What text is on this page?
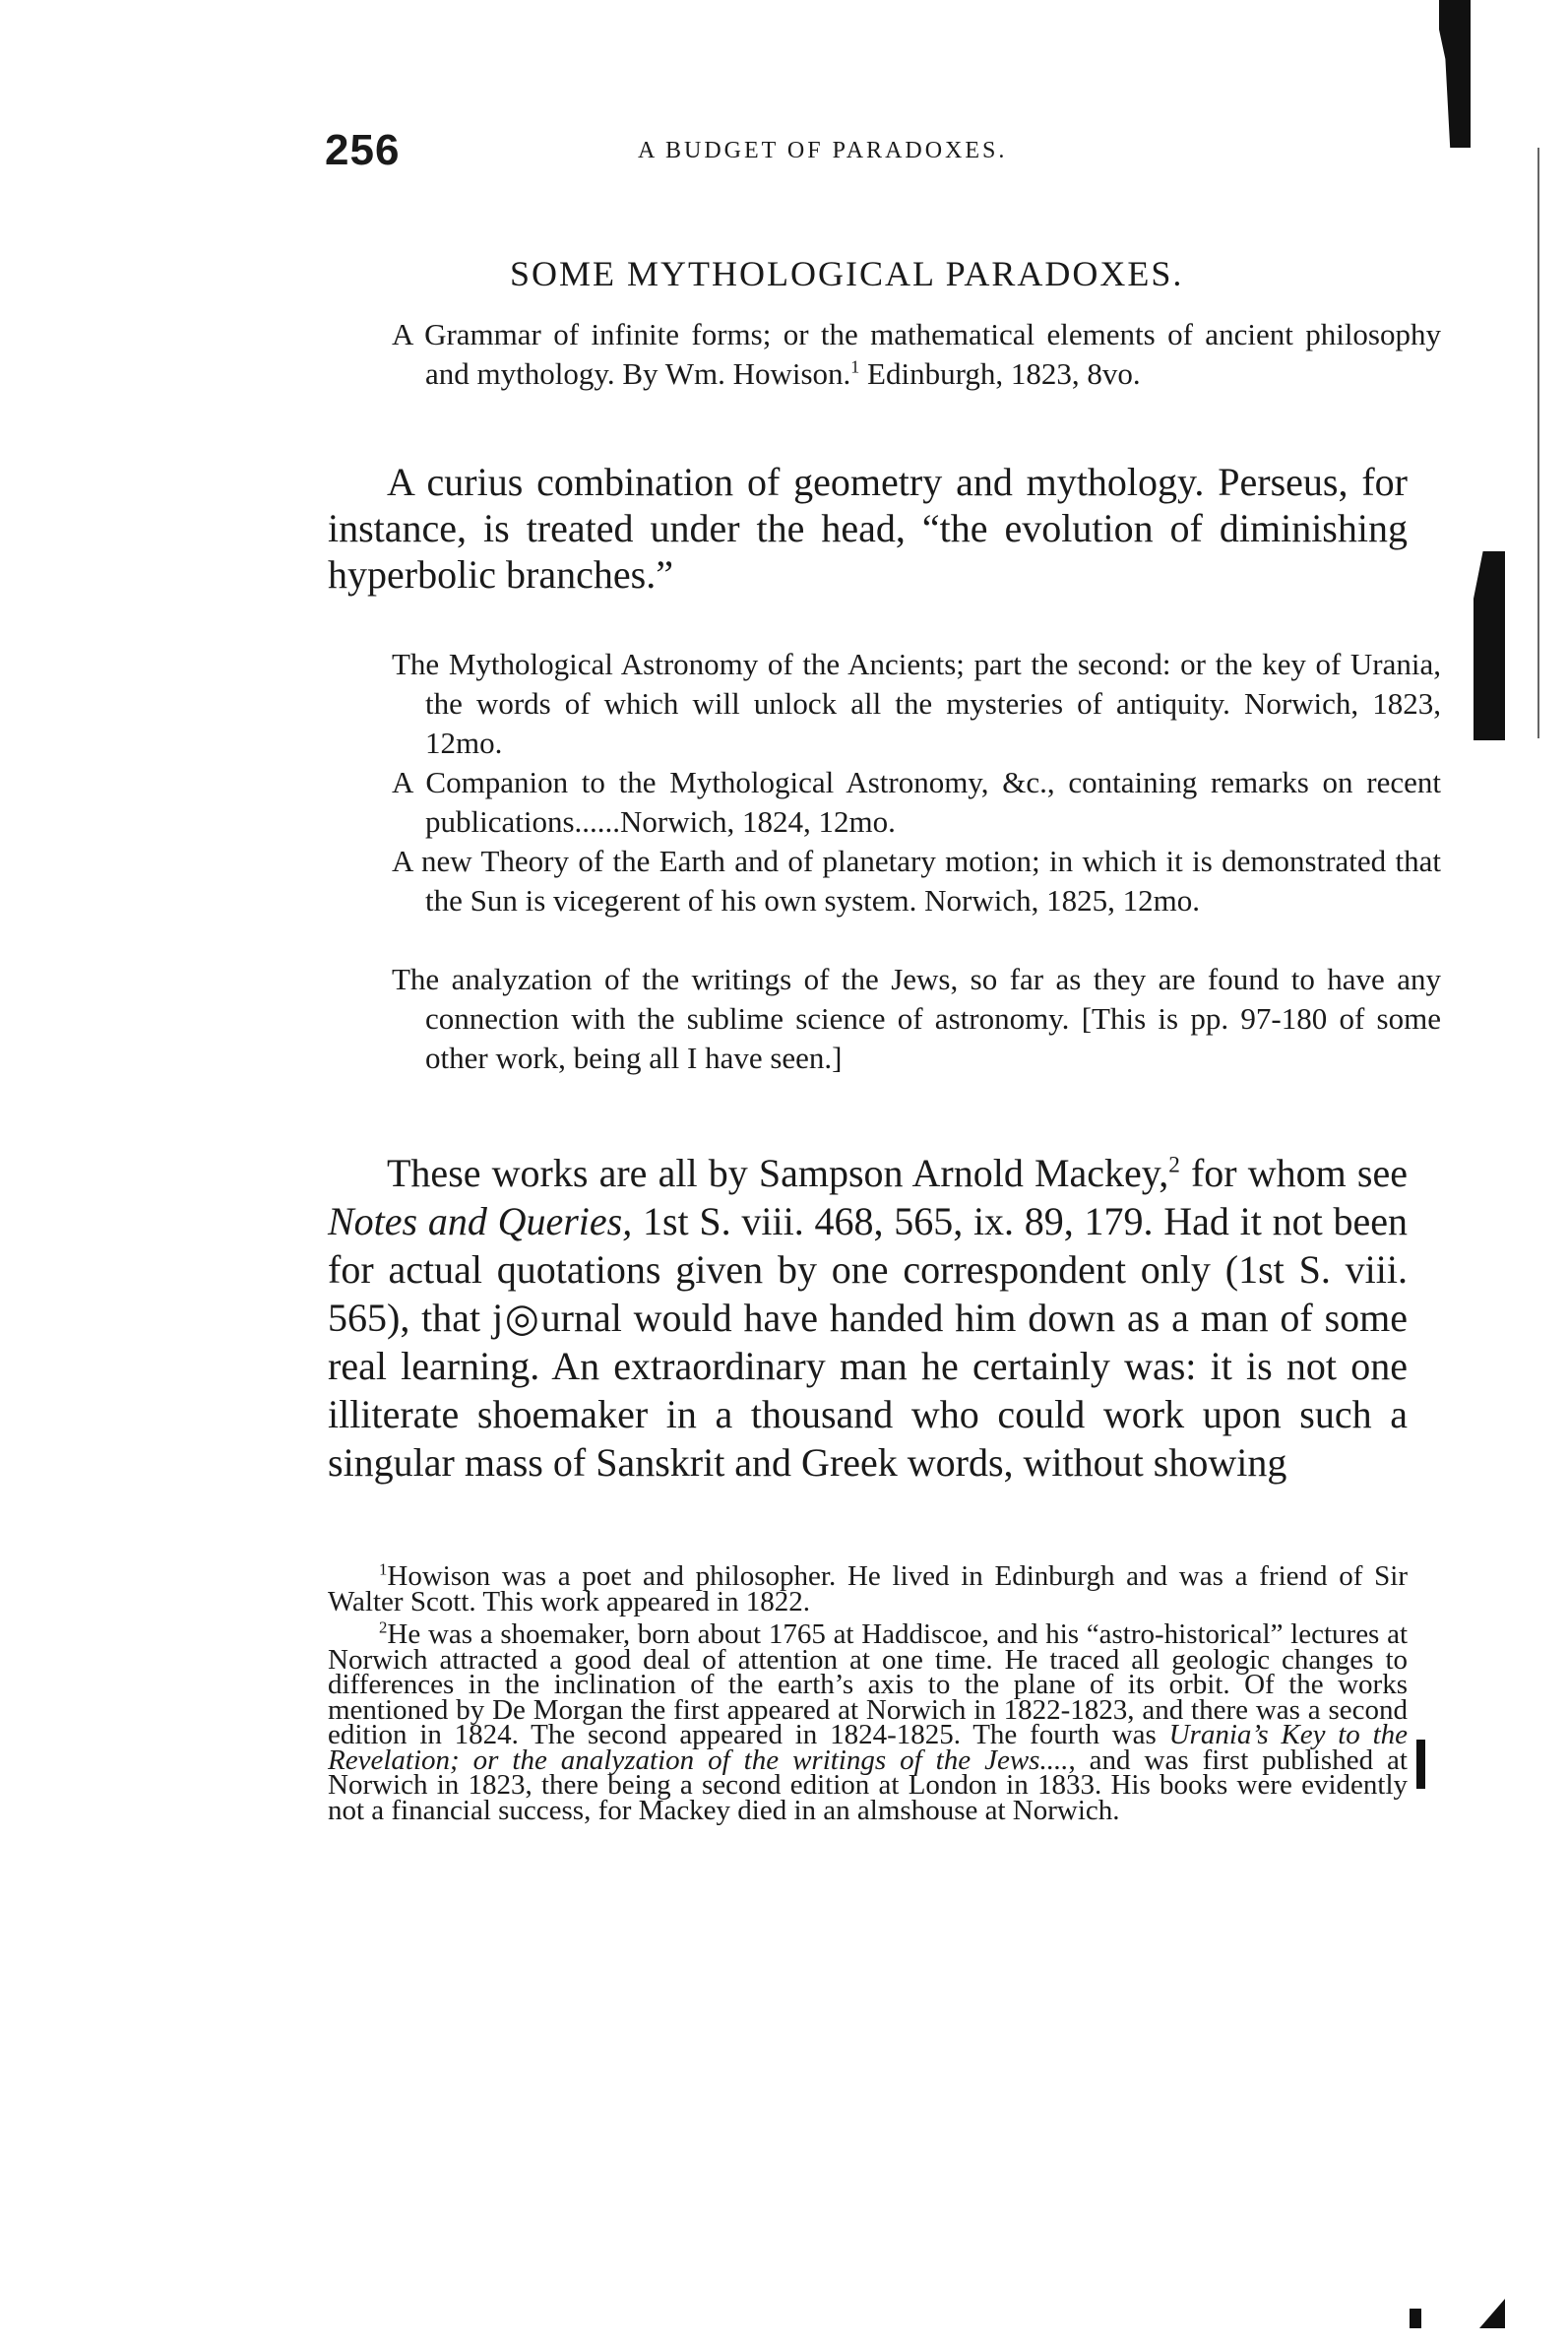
256	A BUDGET OF PARADOXES.
SOME MYTHOLOGICAL PARADOXES.
A Grammar of infinite forms; or the mathematical elements of ancient philosophy and mythology. By Wm. Howison.$^1$ Edinburgh, 1823, 8vo.
A curius combination of geometry and mythology. Perseus, for instance, is treated under the head, “the evolution of diminishing hyperbolic branches.”
The Mythological Astronomy of the Ancients; part the second: or the key of Urania, the words of which will unlock all the mysteries of antiquity. Norwich, 1823, 12mo.
A Companion to the Mythological Astronomy, &c., containing remarks on recent publications......Norwich, 1824, 12mo.
A new Theory of the Earth and of planetary motion; in which it is demonstrated that the Sun is vicegerent of his own system. Norwich, 1825, 12mo.
The analyzation of the writings of the Jews, so far as they are found to have any connection with the sublime science of astronomy. [This is pp. 97-180 of some other work, being all I have seen.]
These works are all by Sampson Arnold Mackey,$^2$ for whom see Notes and Queries, 1st S. viii. 468, 565, ix. 89, 179. Had it not been for actual quotations given by one correspondent only (1st S. viii. 565), that j◎urnal would have handed him down as a man of some real learning. An extraordinary man he certainly was: it is not one illiterate shoemaker in a thousand who could work upon such a singular mass of Sanskrit and Greek words, without showing
$^1$Howison was a poet and philosopher. He lived in Edinburgh and was a friend of Sir Walter Scott. This work appeared in 1822.
$^2$He was a shoemaker, born about 1765 at Haddiscoe, and his “astro-historical” lectures at Norwich attracted a good deal of attention at one time. He traced all geologic changes to differences in the inclination of the earth’s axis to the plane of its orbit. Of the works mentioned by De Morgan the first appeared at Norwich in 1822-1823, and there was a second edition in 1824. The second appeared in 1824-1825. The fourth was Urania’s Key to the Revelation; or the analyzation of the writings of the Jews...., and was first published at Norwich in 1823, there being a second edition at London in 1833. His books were evidently not a financial success, for Mackey died in an almshouse at Norwich.
